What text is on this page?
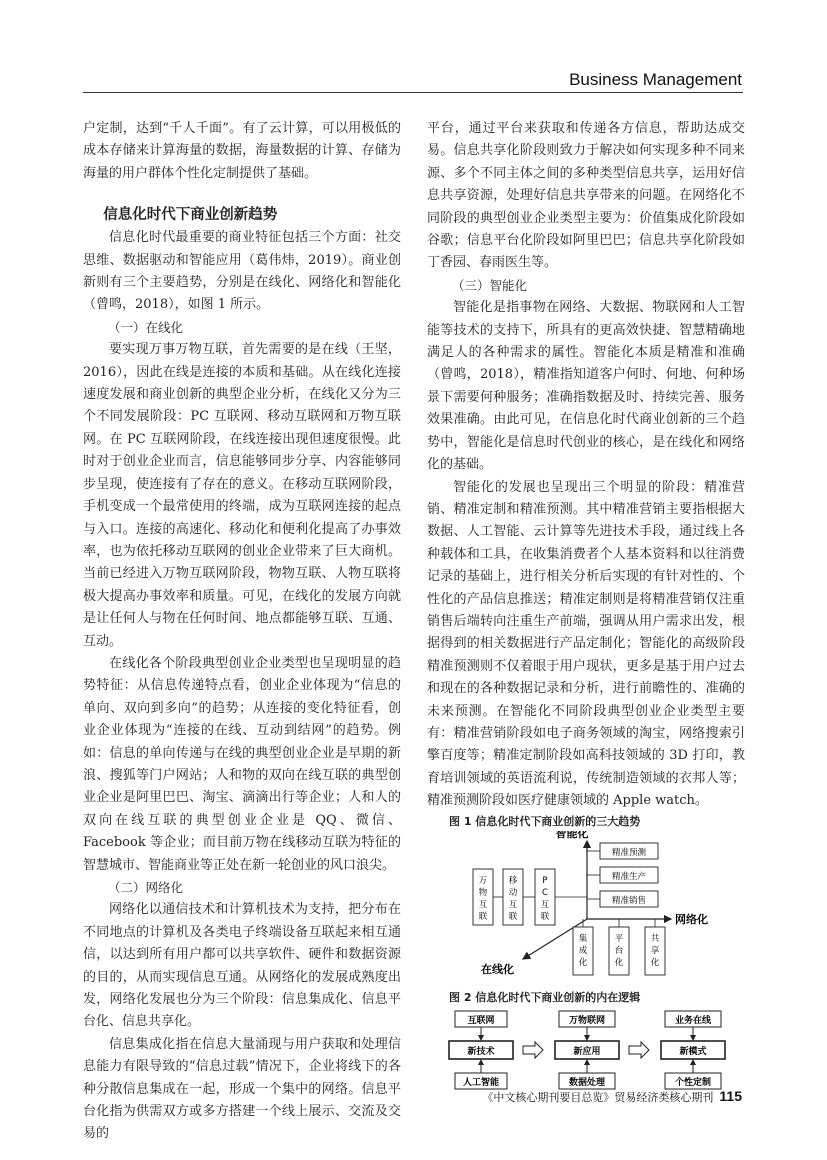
Business Management

户定制，达到“千人千面”。有了云计算，可以用极低的成本存储来计算海量的数据，海量数据的计算、存储为海量的用户群体个性化定制提供了基础。

信息化时代下商业创新趋势

信息化时代最重要的商业特征包括三个方面：社交思维、数据驱动和智能应用（葛伟炜，2019）。商业创新则有三个主要趋势，分别是在线化、网络化和智能化（曾鸣，2018），如图 1 所示。

（一）在线化

要实现万事万物互联，首先需要的是在线（王坚，2016），因此在线是连接的本质和基础。从在线化连接速度发展和商业创新的典型企业分析，在线化又分为三个不同发展阶段：PC 互联网、移动互联网和万物互联网。在 PC 互联网阶段，在线连接出现但速度很慢。此时对于创业企业而言，信息能够同步分享、内容能够同步呈现，使连接有了存在的意义。在移动互联网阶段，手机变成一个最常使用的终端，成为互联网连接的起点与入口。连接的高速化、移动化和便利化提高了办事效率，也为依托移动互联网的创业企业带来了巨大商机。当前已经进入万物互联网阶段，物物互联、人物互联将极大提高办事效率和质量。可见，在线化的发展方向就是让任何人与物在任何时间、地点都能够互联、互通、互动。

在线化各个阶段典型创业企业类型也呈现明显的趋势特征：从信息传递特点看，创业企业体现为“信息的单向、双向到多向”的趋势；从连接的变化特征看，创业企业体现为“连接的在线、互动到结网”的趋势。例如：信息的单向传递与在线的典型创业企业是早期的新浪、搜狐等门户网站；人和物的双向在线互联的典型创业企业是阿里巴巴、淘宝、滴滴出行等企业；人和人的双向在线互联的典型创业企业是 QQ、微信、Facebook 等企业；而目前万物在线移动互联为特征的智慧城市、智能商业等正处在新一轮创业的风口浪尖。

（二）网络化

网络化以通信技术和计算机技术为支持，把分布在不同地点的计算机及各类电子终端设备互联起来相互通信，以达到所有用户都可以共享软件、硬件和数据资源的目的，从而实现信息互通。从网络化的发展成熟度出发，网络化发展也分为三个阶段：信息集成化、信息平台化、信息共享化。

信息集成化指在信息大量涌现与用户获取和处理信息能力有限导致的“信息过载”情况下，企业将线下的各种分散信息集成在一起，形成一个集中的网络。信息平台化指为供需双方或多方搭建一个线上展示、交流及交易的

平台，通过平台来获取和传递各方信息，帮助达成交易。信息共享化阶段则致力于解决如何实现多种不同来源、多个不同主体之间的多种类型信息共享，运用好信息共享资源，处理好信息共享带来的问题。在网络化不同阶段的典型创业企业类型主要为：价值集成化阶段如谷歌；信息平台化阶段如阿里巴巴；信息共享化阶段如丁香园、春雨医生等。

（三）智能化

智能化是指事物在网络、大数据、物联网和人工智能等技术的支持下，所具有的更高效快捷、智慧精确地满足人的各种需求的属性。智能化本质是精准和准确（曾鸣，2018），精准指知道客户何时、何地、何种场景下需要何种服务；准确指数据及时、持续完善、服务效果准确。由此可见，在信息化时代商业创新的三个趋势中，智能化是信息时代创业的核心，是在线化和网络化的基础。

智能化的发展也呈现出三个明显的阶段：精准营销、精准定制和精准预测。其中精准营销主要指根据大数据、人工智能、云计算等先进技术手段，通过线上各种载体和工具，在收集消费者个人基本资料和以往消费记录的基础上，进行相关分析后实现的有针对性的、个性化的产品信息推送；精准定制则是将精准营销仅注重销售后端转向注重生产前端，强调从用户需求出发，根据得到的相关数据进行产品定制化；智能化的高级阶段精准预测则不仅着眼于用户现状，更多是基于用户过去和现在的各种数据记录和分析，进行前瞻性的、准确的未来预测。在智能化不同阶段典型创业企业类型主要有：精准营销阶段如电子商务领域的淘宝，网络搜索引擎百度等；精准定制阶段如高科技领域的 3D 打印，教育培训领域的英语流利说，传统制造领域的衣邦人等；精准预测阶段如医疗健康领域的 Apple watch。

图 1 信息化时代下商业创新的三大趋势

智能化
网络化
在线化
精准预测
精准生产
精准销售
万物互联
移动互联
P C 互联
集成化
平台化
共享化

图 2 信息化时代下商业创新的内在逻辑

互联网
新技术
人工智能
万物联网
新应用
数据处理
业务在线
新模式
个性定制
《中文核心期刊要目总览》贸易经济类核心期刊 115
